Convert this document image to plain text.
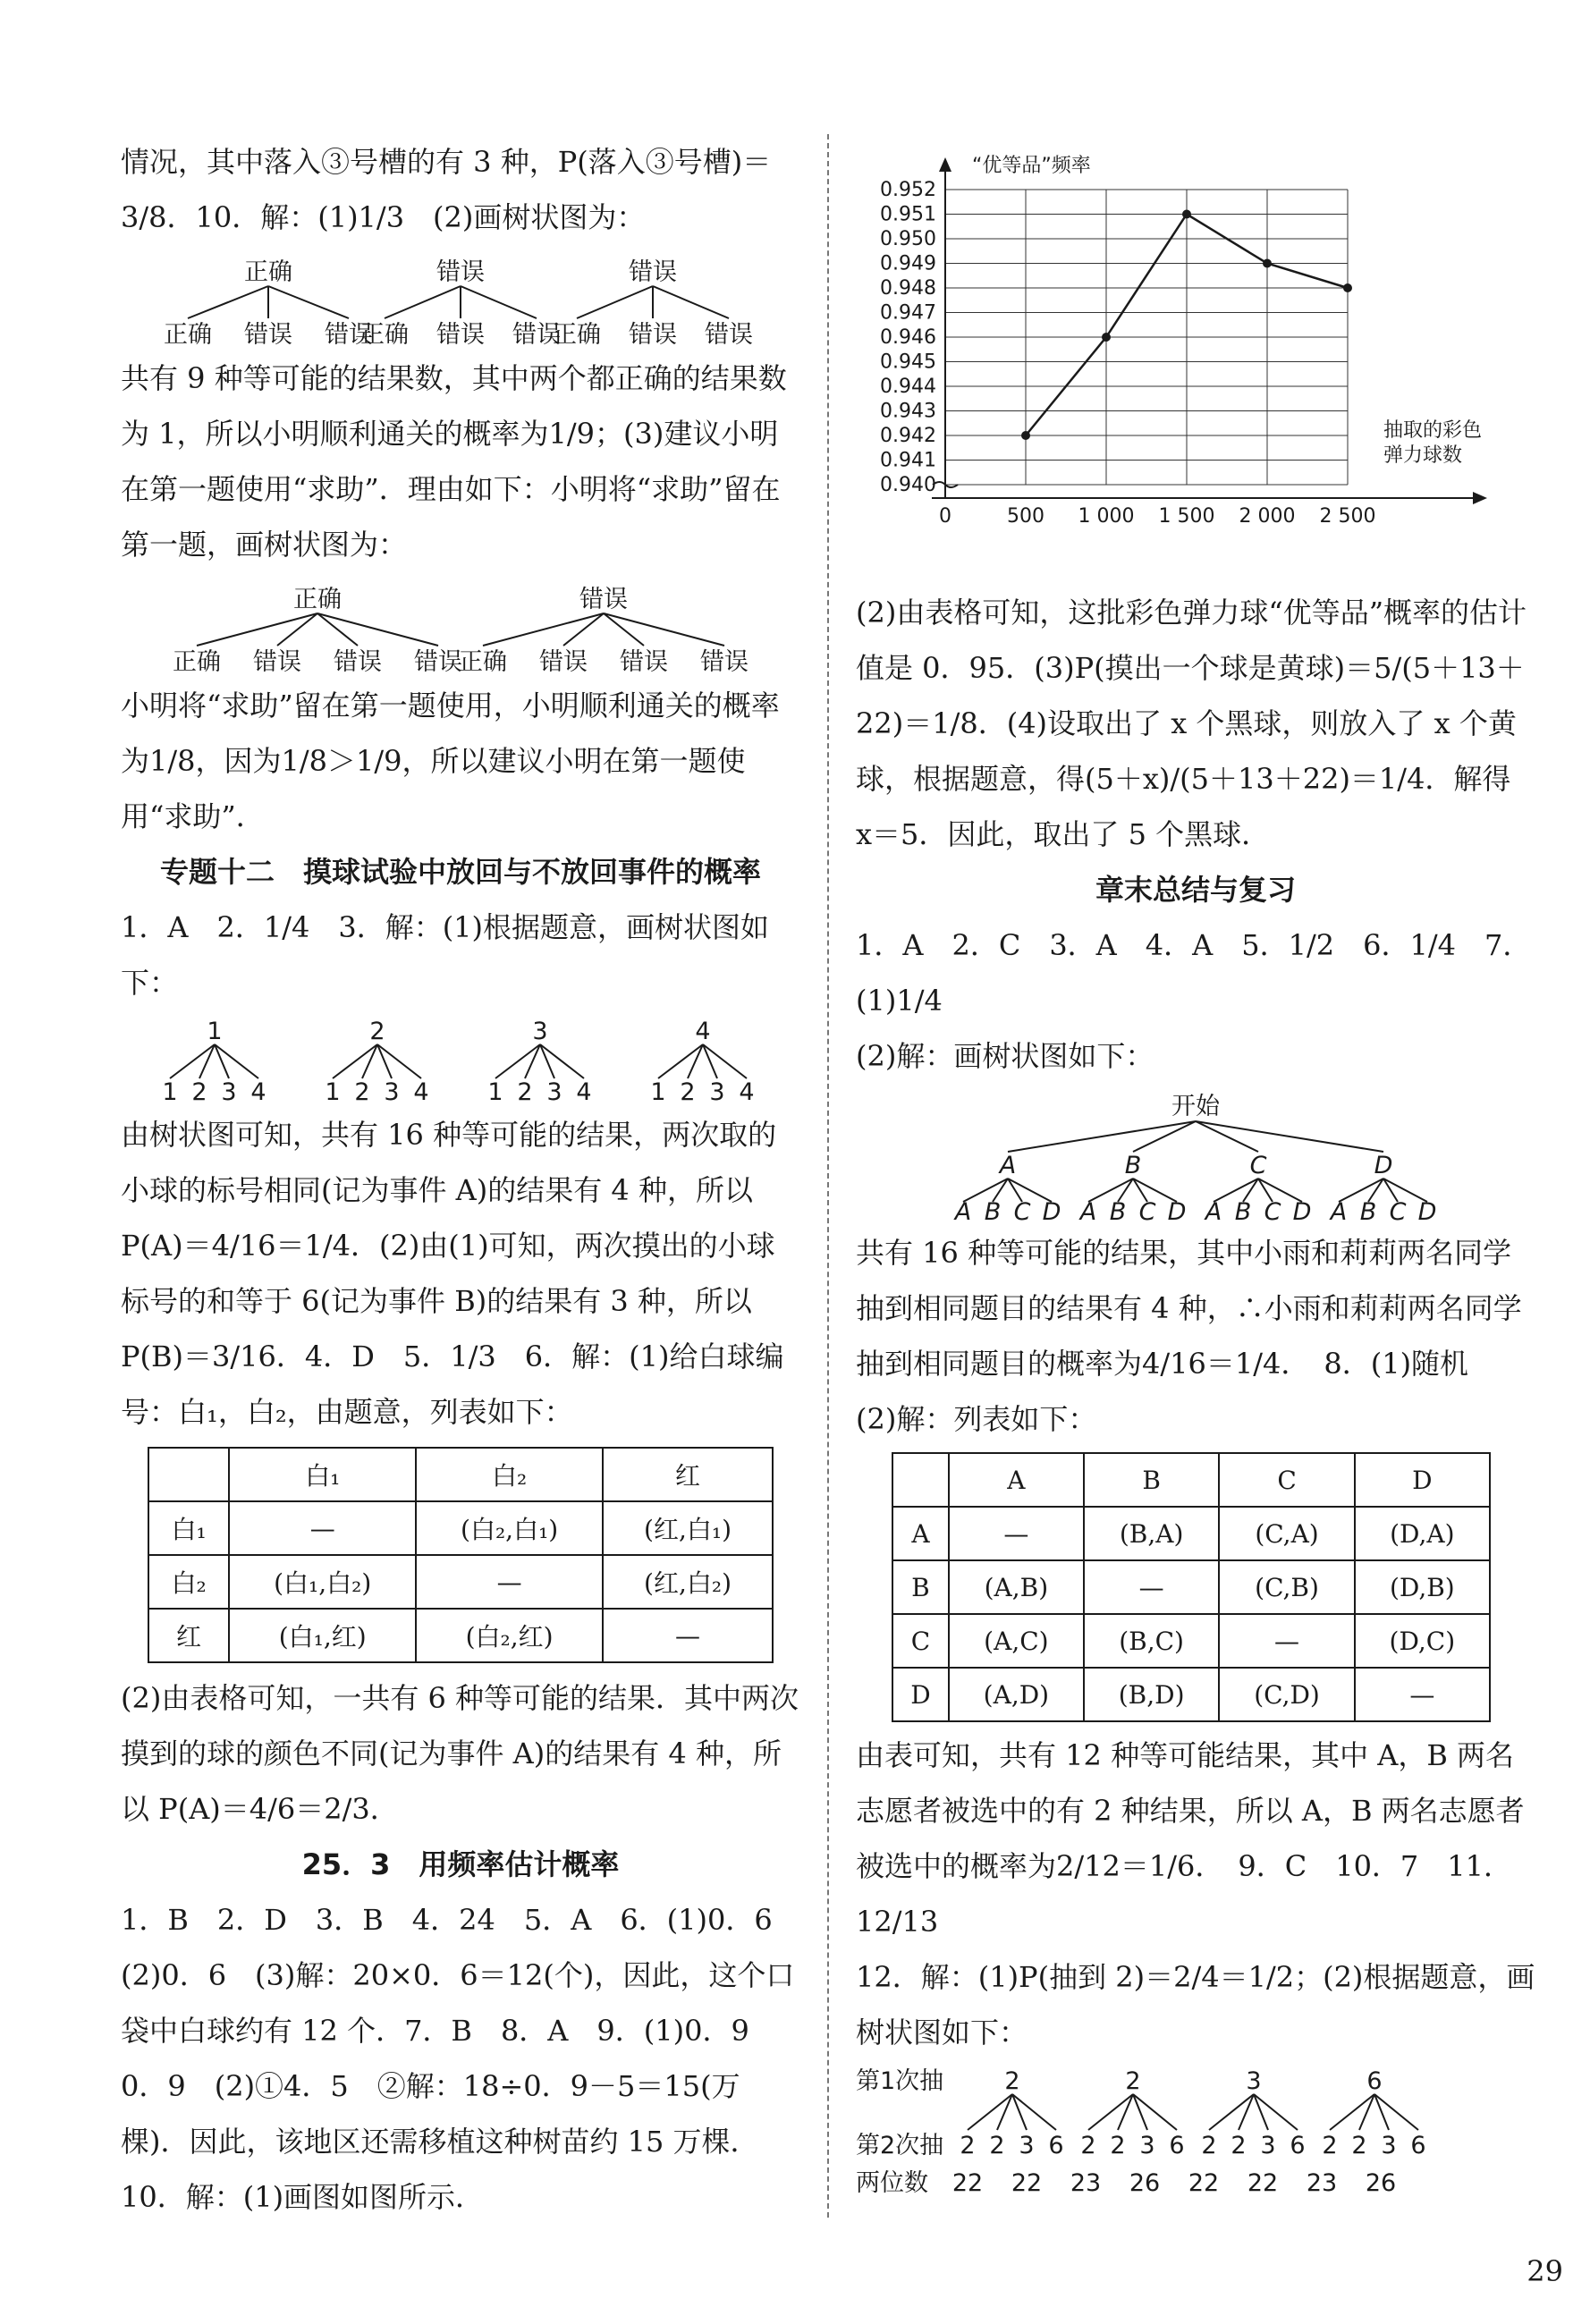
情况，其中落入③号槽的有 3 种，P(落入③号槽)＝3/8．10．解：(1)1/3　(2)画树状图为：

正确
正确 错误 错误
错误
正确 错误 错误
错误
正确 错误 错误

共有 9 种等可能的结果数，其中两个都正确的结果数为 1，所以小明顺利通关的概率为1/9；(3)建议小明在第一题使用“求助”．理由如下：小明将“求助”留在第一题，画树状图为：

正确
正确 错误 错误 错误
错误
正确 错误 错误 错误

小明将“求助”留在第一题使用，小明顺利通关的概率为1/8，因为1/8＞1/9，所以建议小明在第一题使用“求助”．

专题十二　摸球试验中放回与不放回事件的概率

1．A　2．1/4　3．解：(1)根据题意，画树状图如下：

1
1 2 3 4
2
1 2 3 4
3
1 2 3 4
4
1 2 3 4

由树状图可知，共有 16 种等可能的结果，两次取的小球的标号相同(记为事件 A)的结果有 4 种，所以P(A)＝4/16＝1/4．(2)由(1)可知，两次摸出的小球标号的和等于 6(记为事件 B)的结果有 3 种，所以 P(B)＝3/16．4．D　5．1/3　6．解：(1)给白球编号：白₁，白₂，由题意，列表如下：

	白₁	白₂	红
白₁	—	(白₂,白₁)	(红,白₁)
白₂	(白₁,白₂)	—	(红,白₂)
红	(白₁,红)	(白₂,红)	—

(2)由表格可知，一共有 6 种等可能的结果．其中两次摸到的球的颜色不同(记为事件 A)的结果有 4 种，所以 P(A)＝4/6＝2/3．

25．3　用频率估计概率

1．B　2．D　3．B　4．24　5．A　6．(1)0．6　(2)0．6　(3)解：20×0．6＝12(个)，因此，这个口袋中白球约有 12 个．7．B　8．A　9．(1)0．9　0．9　(2)①4．5　②解：18÷0．9－5＝15(万棵)．因此，该地区还需移植这种树苗约 15 万棵．10．解：(1)画图如图所示．

0.940
0.941
0.942
0.943
0.944
0.945
0.946
0.947
0.948
0.949
0.950
0.951
0.952
0	500 1 000 1 500 2 000 2 500
“优等品”频率
抽取的彩色弹力球数

(2)由表格可知，这批彩色弹力球“优等品”概率的估计值是 0．95．(3)P(摸出一个球是黄球)＝5/(5＋13＋22)＝1/8．(4)设取出了 x 个黑球，则放入了 x 个黄球，根据题意，得(5＋x)/(5＋13＋22)＝1/4．解得 x＝5．因此，取出了 5 个黑球．

章末总结与复习

1．A　2．C　3．A　4．A　5．1/2　6．1/4　7．(1)1/4

(2)解：画树状图如下：

开始
A
A B C D
B
A B C D
C
A B C D
D
A B C D

共有 16 种等可能的结果，其中小雨和莉莉两名同学抽到相同题目的结果有 4 种，∴小雨和莉莉两名同学抽到相同题目的概率为4/16＝1/4．　8．(1)随机

(2)解：列表如下：

	A	B	C	D
A	—	(B,A)	(C,A)	(D,A)
B	(A,B)	—	(C,B)	(D,B)
C	(A,C)	(B,C)	—	(D,C)
D	(A,D)	(B,D)	(C,D)	—

由表可知，共有 12 种等可能结果，其中 A，B 两名志愿者被选中的有 2 种结果，所以 A，B 两名志愿者被选中的概率为2/12＝1/6．　9．C　10．7　11．12/13

12．解：(1)P(抽到 2)＝2/4＝1/2；(2)根据题意，画树状图如下：

第1次抽
第2次抽
两位数
2
2 2 3 6
2
2 2 3 6
3
2 2 3 6
6
2 2 3 6
22 22 23 26 22 22 23 26
29
